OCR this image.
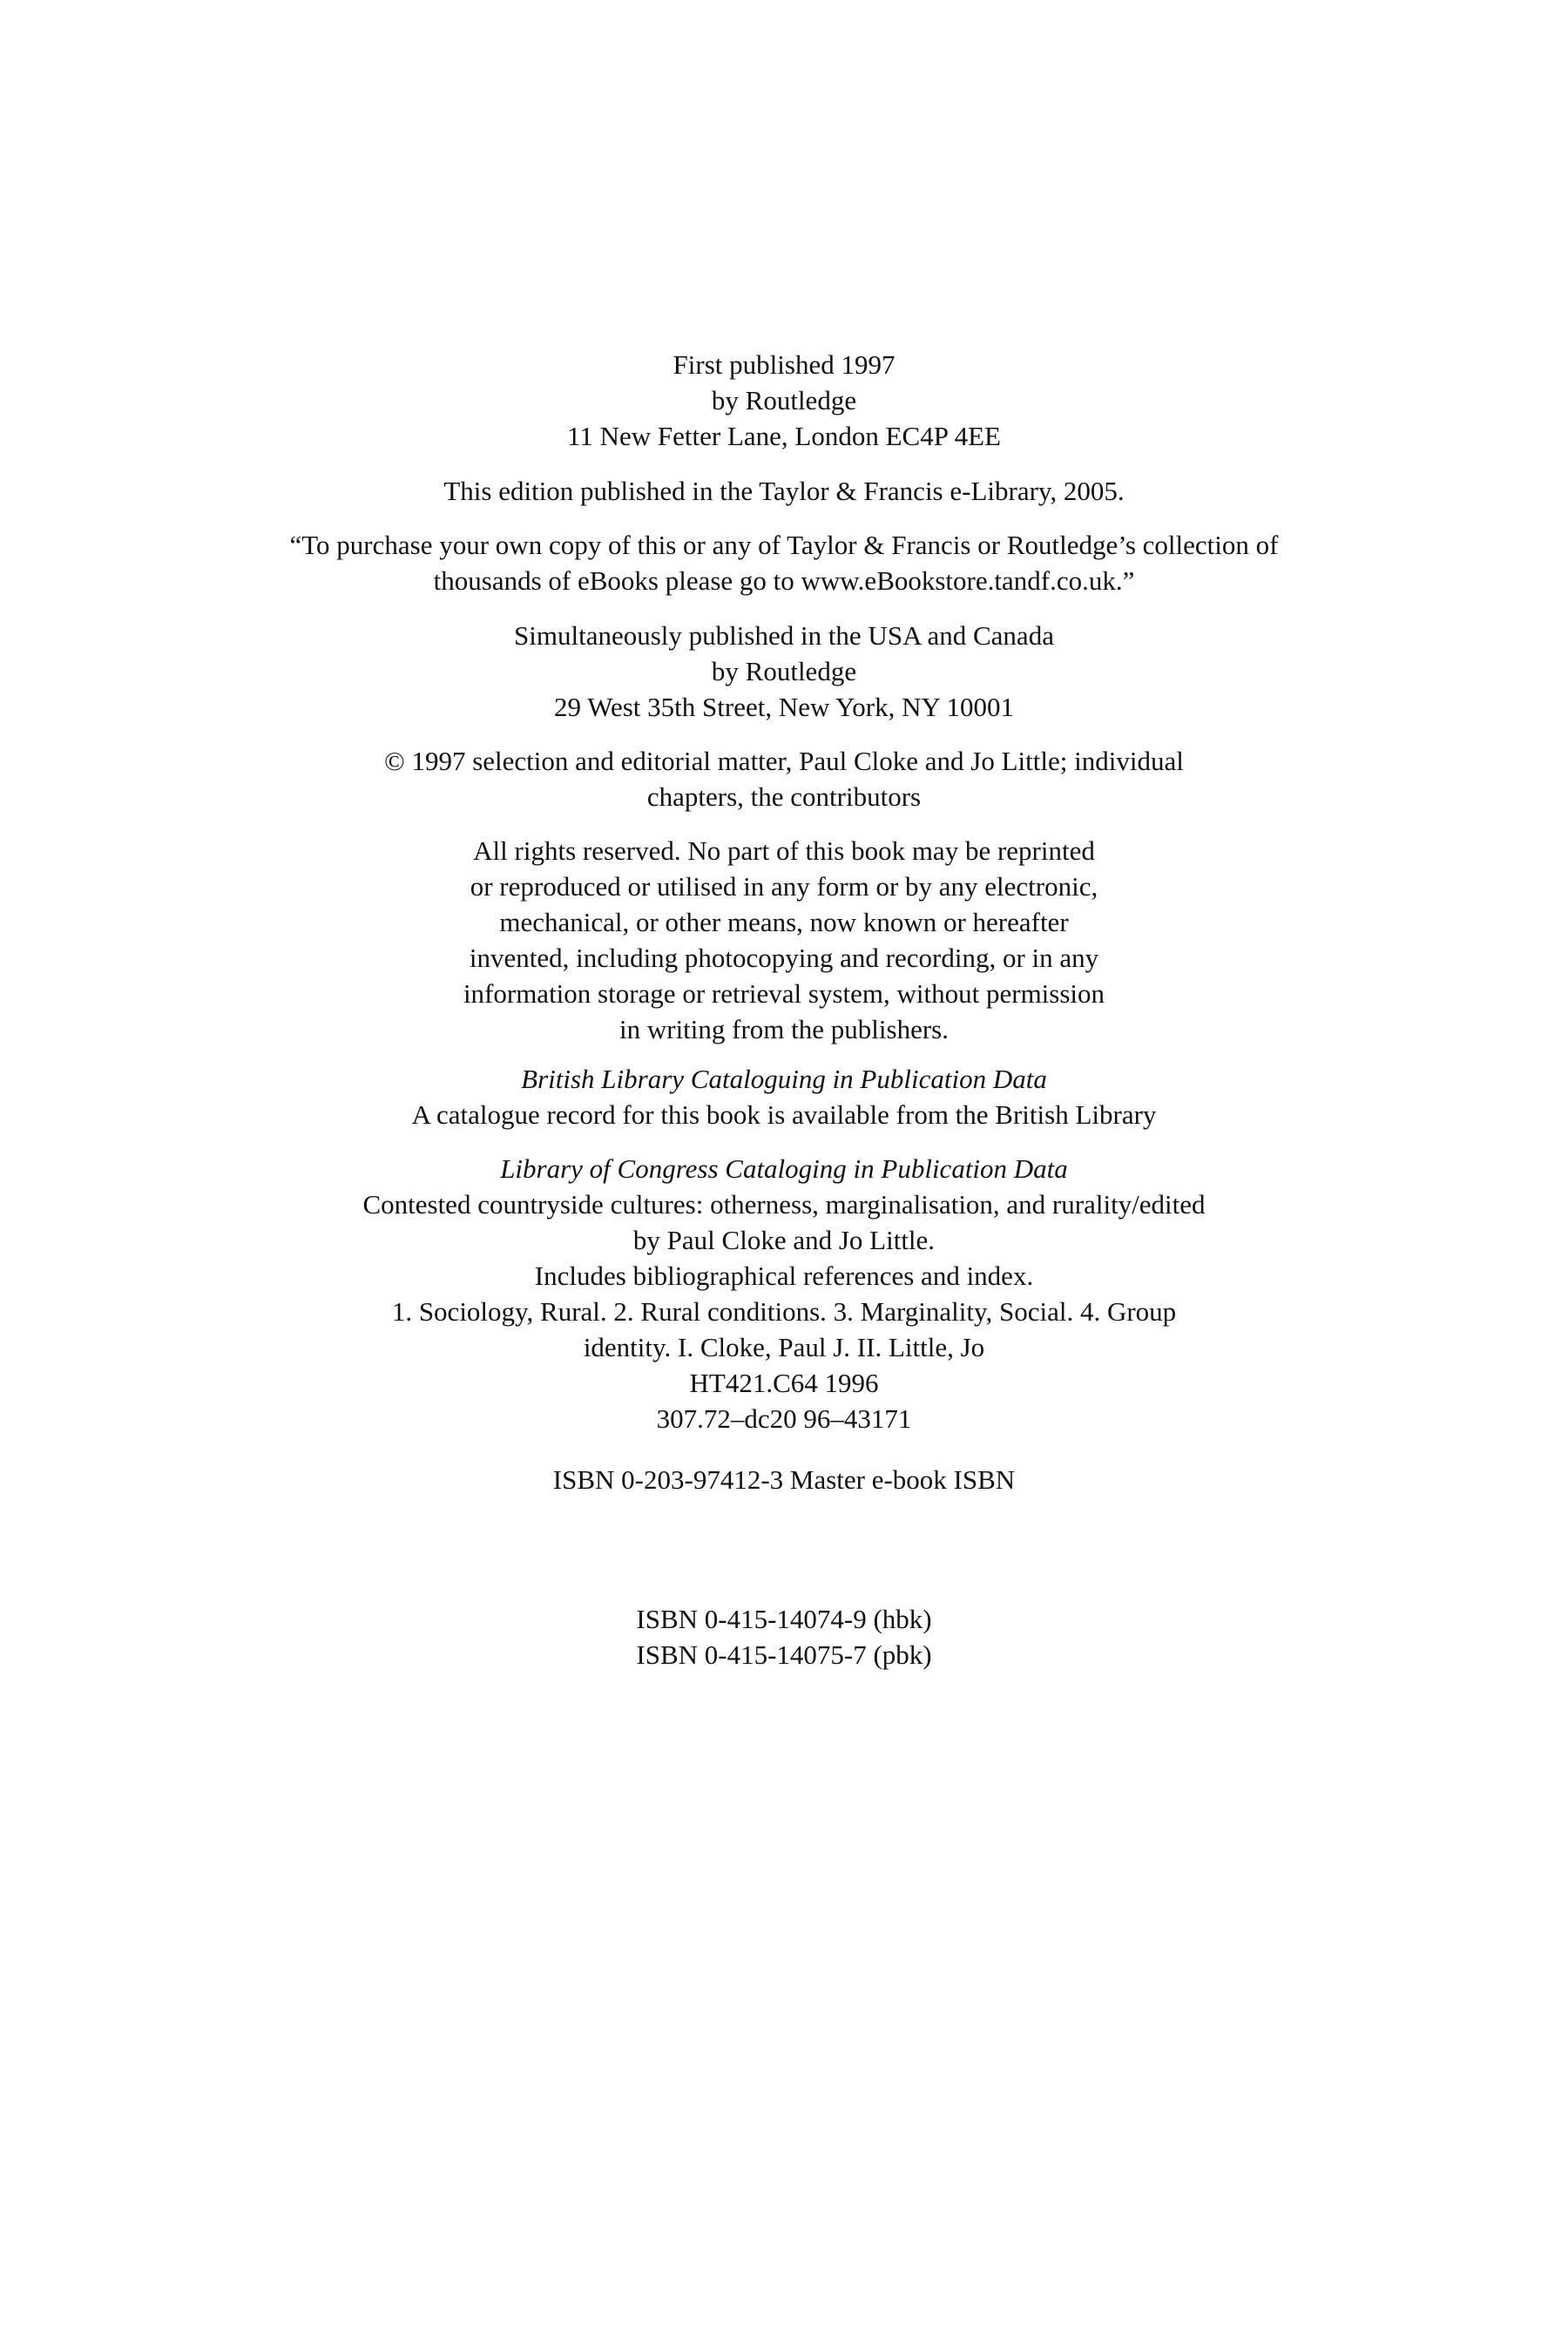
First published 1997
by Routledge
11 New Fetter Lane, London EC4P 4EE
This edition published in the Taylor & Francis e-Library, 2005.
“To purchase your own copy of this or any of Taylor & Francis or Routledge’s collection of
thousands of eBooks please go to www.eBookstore.tandf.co.uk.”
Simultaneously published in the USA and Canada
by Routledge
29 West 35th Street, New York, NY 10001
© 1997 selection and editorial matter, Paul Cloke and Jo Little; individual
chapters, the contributors
All rights reserved. No part of this book may be reprinted
or reproduced or utilised in any form or by any electronic,
mechanical, or other means, now known or hereafter
invented, including photocopying and recording, or in any
information storage or retrieval system, without permission
in writing from the publishers.
British Library Cataloguing in Publication Data
A catalogue record for this book is available from the British Library
Library of Congress Cataloging in Publication Data
Contested countryside cultures: otherness, marginalisation, and rurality/edited
by Paul Cloke and Jo Little.
Includes bibliographical references and index.
1. Sociology, Rural. 2. Rural conditions. 3. Marginality, Social. 4. Group
identity. I. Cloke, Paul J. II. Little, Jo
HT421.C64 1996
307.72–dc20 96–43171
ISBN 0-203-97412-3 Master e-book ISBN
ISBN 0-415-14074-9 (hbk)
ISBN 0-415-14075-7 (pbk)
